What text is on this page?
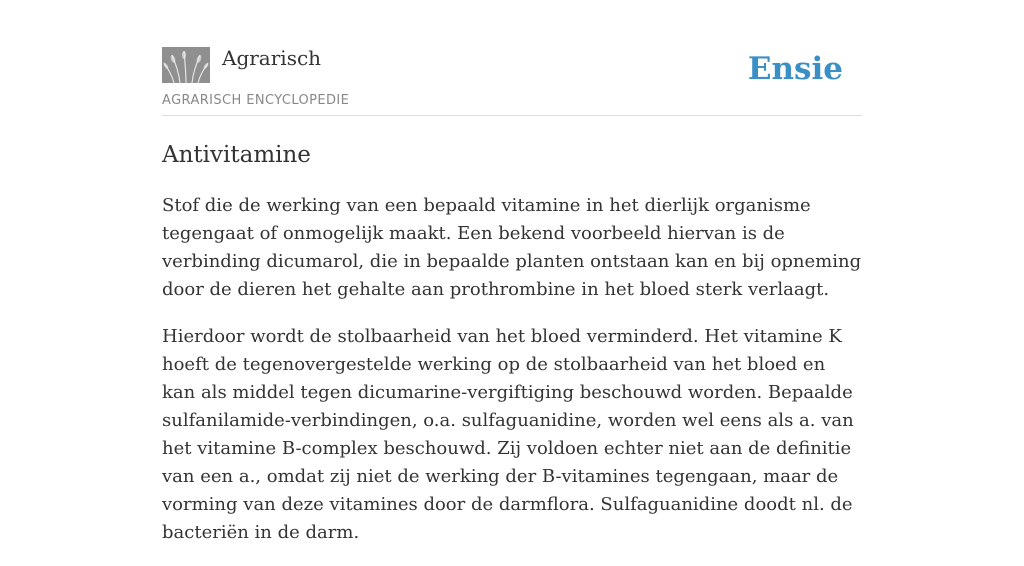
Agrarisch
AGRARISCH ENCYCLOPEDIE
Ensie
Antivitamine

Stof die de werking van een bepaald vitamine in het dierlijk organisme tegengaat of onmogelijk maakt. Een bekend voorbeeld hiervan is de verbinding dicumarol, die in bepaalde planten ontstaan kan en bij opneming door de dieren het gehalte aan prothrombine in het bloed sterk verlaagt.

Hierdoor wordt de stolbaarheid van het bloed verminderd. Het vitamine K hoeft de tegenovergestelde werking op de stolbaarheid van het bloed en kan als middel tegen dicumarine-vergiftiging beschouwd worden. Bepaalde sulfanilamide-verbindingen, o.a. sulfaguanidine, worden wel eens als a. van het vitamine B-complex beschouwd. Zij voldoen echter niet aan de definitie van een a., omdat zij niet de werking der B-vitamines tegengaan, maar de vorming van deze vitamines door de darmflora. Sulfaguanidine doodt nl. de bacteriën in de darm.
